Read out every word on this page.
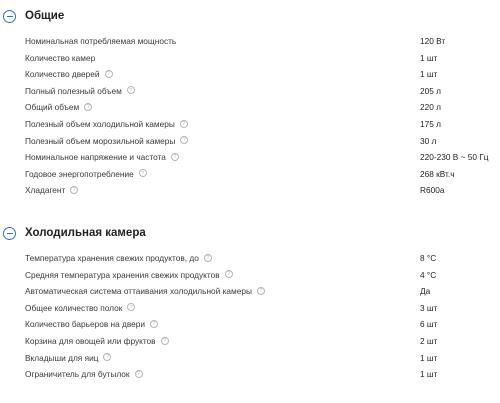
Общие
Номинальная потребляемая мощность	120 Вт
Количество камер	1 шт
Количество дверей ?	1 шт
Полный полезный объем ?	205 л
Общий объем ?	220 л
Полезный объем холодильной камеры ?	175 л
Полезный объем морозильной камеры ?	30 л
Номинальное напряжение и частота ?	220-230 В ~ 50 Гц
Годовое энергопотребление ?	268 кВт.ч
Хладагент ?	R600a
Холодильная камера
Температура хранения свежих продуктов, до ?	8 °C
Средняя температура хранения свежих продуктов ?	4 °C
Автоматическая система оттаивания холодильной камеры ?	Да
Общее количество полок ?	3 шт
Количество барьеров на двери ?	6 шт
Корзина для овощей или фруктов ?	2 шт
Вкладыши для яиц ?	1 шт
Ограничитель для бутылок ?	1 шт
